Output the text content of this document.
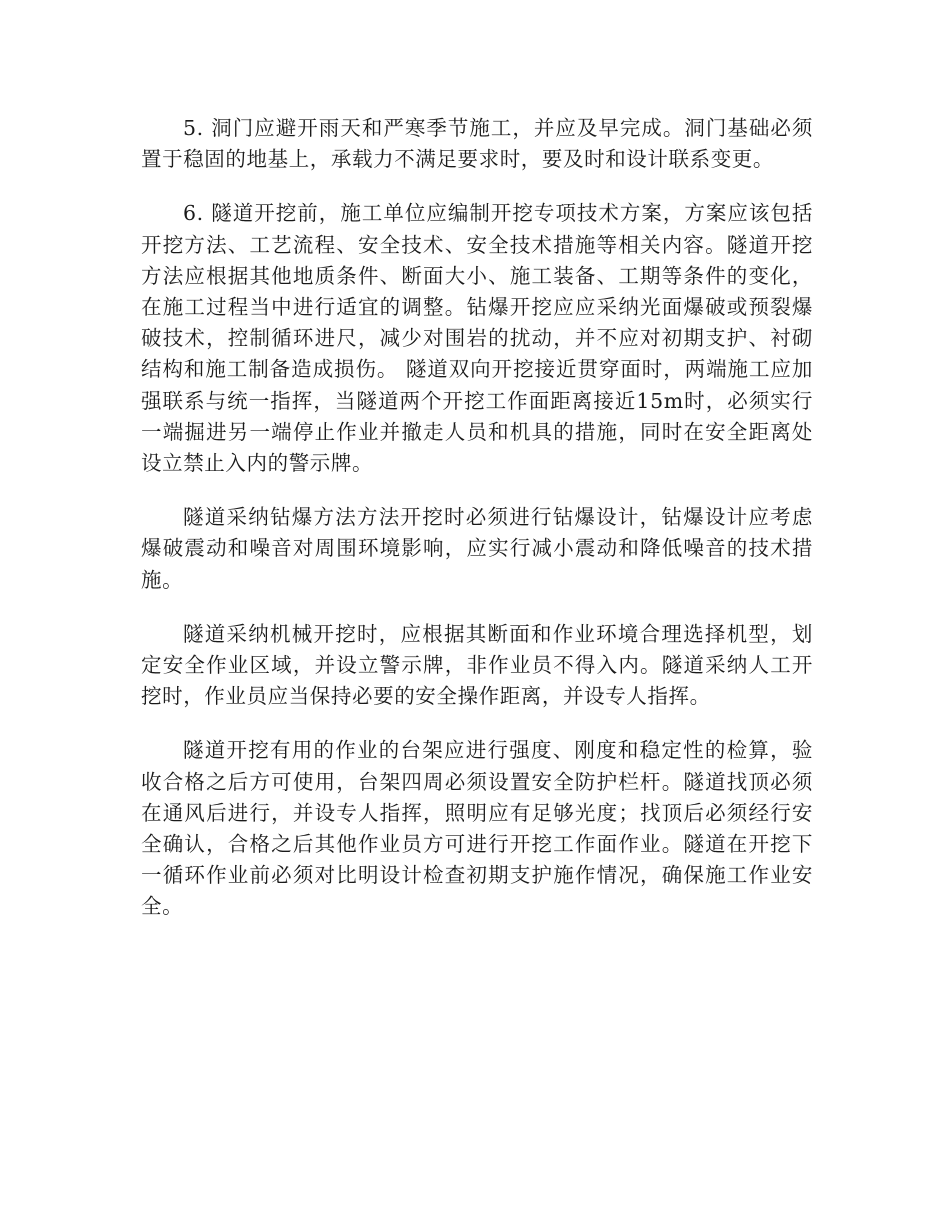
5. 洞门应避开雨天和严寒季节施工，并应及早完成。洞门基础必须置于稳固的地基上，承载力不满足要求时，要及时和设计联系变更。

6. 隧道开挖前，施工单位应编制开挖专项技术方案，方案应该包括开挖方法、工艺流程、安全技术、安全技术措施等相关内容。隧道开挖方法应根据其他地质条件、断面大小、施工装备、工期等条件的变化，在施工过程当中进行适宜的调整。钻爆开挖应应采纳光面爆破或预裂爆破技术，控制循环进尺，减少对围岩的扰动，并不应对初期支护、衬砌结构和施工制备造成损伤。 隧道双向开挖接近贯穿面时，两端施工应加强联系与统一指挥，当隧道两个开挖工作面距离接近15m时，必须实行一端掘进另一端停止作业并撤走人员和机具的措施，同时在安全距离处设立禁止入内的警示牌。

隧道采纳钻爆方法方法开挖时必须进行钻爆设计，钻爆设计应考虑爆破震动和噪音对周围环境影响，应实行减小震动和降低噪音的技术措施。

隧道采纳机械开挖时，应根据其断面和作业环境合理选择机型，划定安全作业区域，并设立警示牌，非作业员不得入内。隧道采纳人工开挖时，作业员应当保持必要的安全操作距离，并设专人指挥。

隧道开挖有用的作业的台架应进行强度、刚度和稳定性的检算，验收合格之后方可使用，台架四周必须设置安全防护栏杆。隧道找顶必须在通风后进行，并设专人指挥，照明应有足够光度；找顶后必须经行安全确认，合格之后其他作业员方可进行开挖工作面作业。隧道在开挖下一循环作业前必须对比明设计检查初期支护施作情况，确保施工作业安全。
